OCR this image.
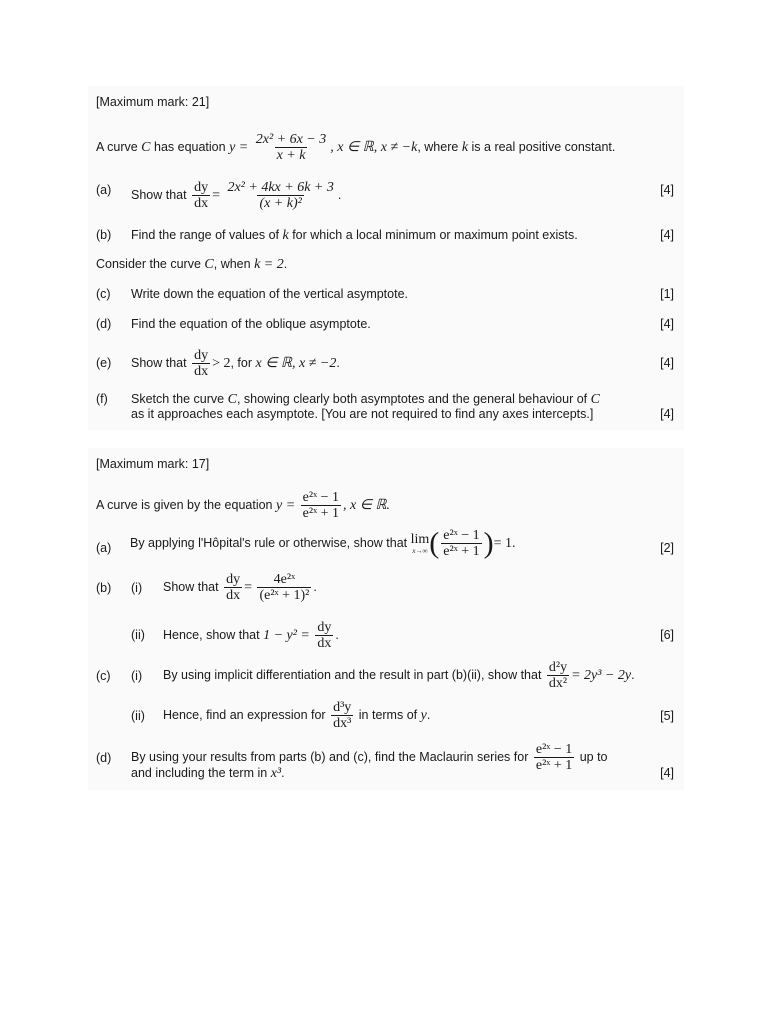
[Maximum mark: 21]
A curve C has equation $y = \frac{\text{2x² + 6x − 3}}{x + k}$ , x ∈ ℝ, x ≠ −k, where k is a real positive constant.
(a) Show that $\frac{dy}{dx} = \frac{\text{2x² + 4kx + 6k + 3}}{\text{(x + k)²}}$ .	[4]
(b) Find the range of values of k for which a local minimum or maximum point exists.	[4]
Consider the curve C, when k = 2.
(c) Write down the equation of the vertical asymptote.	[1]
(d) Find the equation of the oblique asymptote.	[4]
(e) Show that $\frac{dy}{dx} > 2$, for x ∈ ℝ, x ≠ −2.	[4]
(f) Sketch the curve C, showing clearly both asymptotes and the general behaviour of C
as it approaches each asymptote. [You are not required to find any axes intercepts.]	[4]
[Maximum mark: 17]
A curve is given by the equation $y = \frac{\text{e²ˣ − 1}}{\text{e²ˣ + 1}}$ , x ∈ ℝ.
(a) By applying l'Hôpital's rule or otherwise, show that lim
x→∞ ( $\frac{\text{e²ˣ − 1}}{\text{e²ˣ + 1}}$ )= 1.	[2]
(b) (i) Show that $\frac{dy}{dx} = \frac{\text{4e²ˣ}}{\text{(e²ˣ + 1)²}}$ .
(ii) Hence, show that $1 - y^2 = \frac{dy}{dx}$ .	[6]
(c) (i) By using implicit differentiation and the result in part (b)(ii), show that $\frac{\text{d²y}}{\text{dx²}} = 2y^3 - 2y$.
(ii) Hence, find an expression for $\frac{\text{d³y}}{\text{dx³}}$ in terms of y.	[5]
(d) By using your results from parts (b) and (c), find the Maclaurin series for $\frac{\text{e²ˣ − 1}}{\text{e²ˣ + 1}}$ up to
and including the term in x³.	[4]
